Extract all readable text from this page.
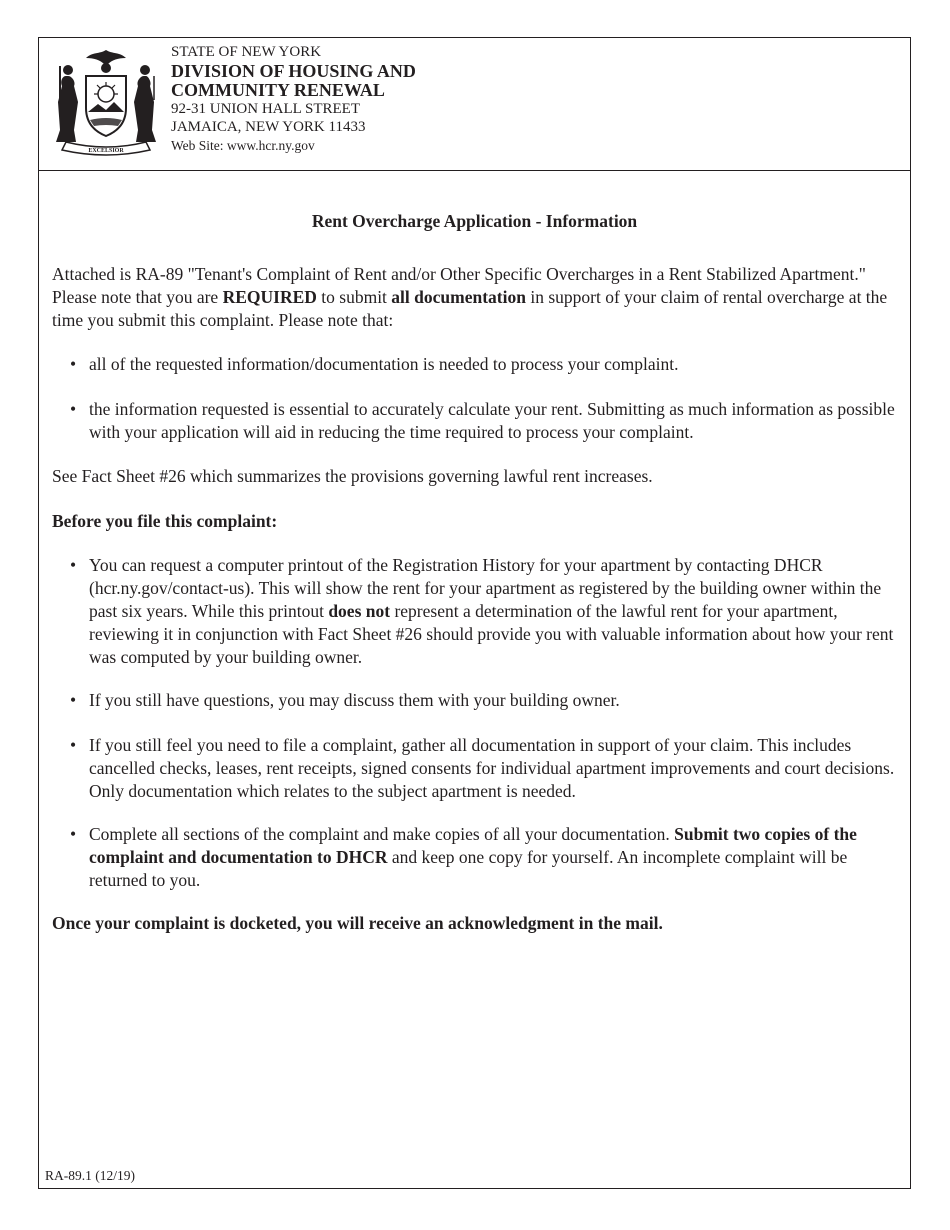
EXCELSIOR
STATE OF NEW YORK
DIVISION OF HOUSING AND
COMMUNITY RENEWAL
92-31 UNION HALL STREET
JAMAICA, NEW YORK 11433
Web Site: www.hcr.ny.gov
Rent Overcharge Application - Information

Attached is RA-89 "Tenant's Complaint of Rent and/or Other Specific Overcharges in a Rent Stabilized Apartment." Please note that you are REQUIRED to submit all documentation in support of your claim of rental overcharge at the time you submit this complaint. Please note that:

• all of the requested information/documentation is needed to process your complaint.

• the information requested is essential to accurately calculate your rent. Submitting as much information as possible with your application will aid in reducing the time required to process your complaint.

See Fact Sheet #26 which summarizes the provisions governing lawful rent increases.

Before you file this complaint:

• You can request a computer printout of the Registration History for your apartment by contacting DHCR (hcr.ny.gov/contact-us). This will show the rent for your apartment as registered by the building owner within the past six years. While this printout does not represent a determination of the lawful rent for your apartment, reviewing it in conjunction with Fact Sheet #26 should provide you with valuable information about how your rent was computed by your building owner.

• If you still have questions, you may discuss them with your building owner.

• If you still feel you need to file a complaint, gather all documentation in support of your claim. This includes cancelled checks, leases, rent receipts, signed consents for individual apartment improvements and court decisions. Only documentation which relates to the subject apartment is needed.

• Complete all sections of the complaint and make copies of all your documentation. Submit two copies of the complaint and documentation to DHCR and keep one copy for yourself. An incomplete complaint will be returned to you.

Once your complaint is docketed, you will receive an acknowledgment in the mail.

RA-89.1 (12/19)
